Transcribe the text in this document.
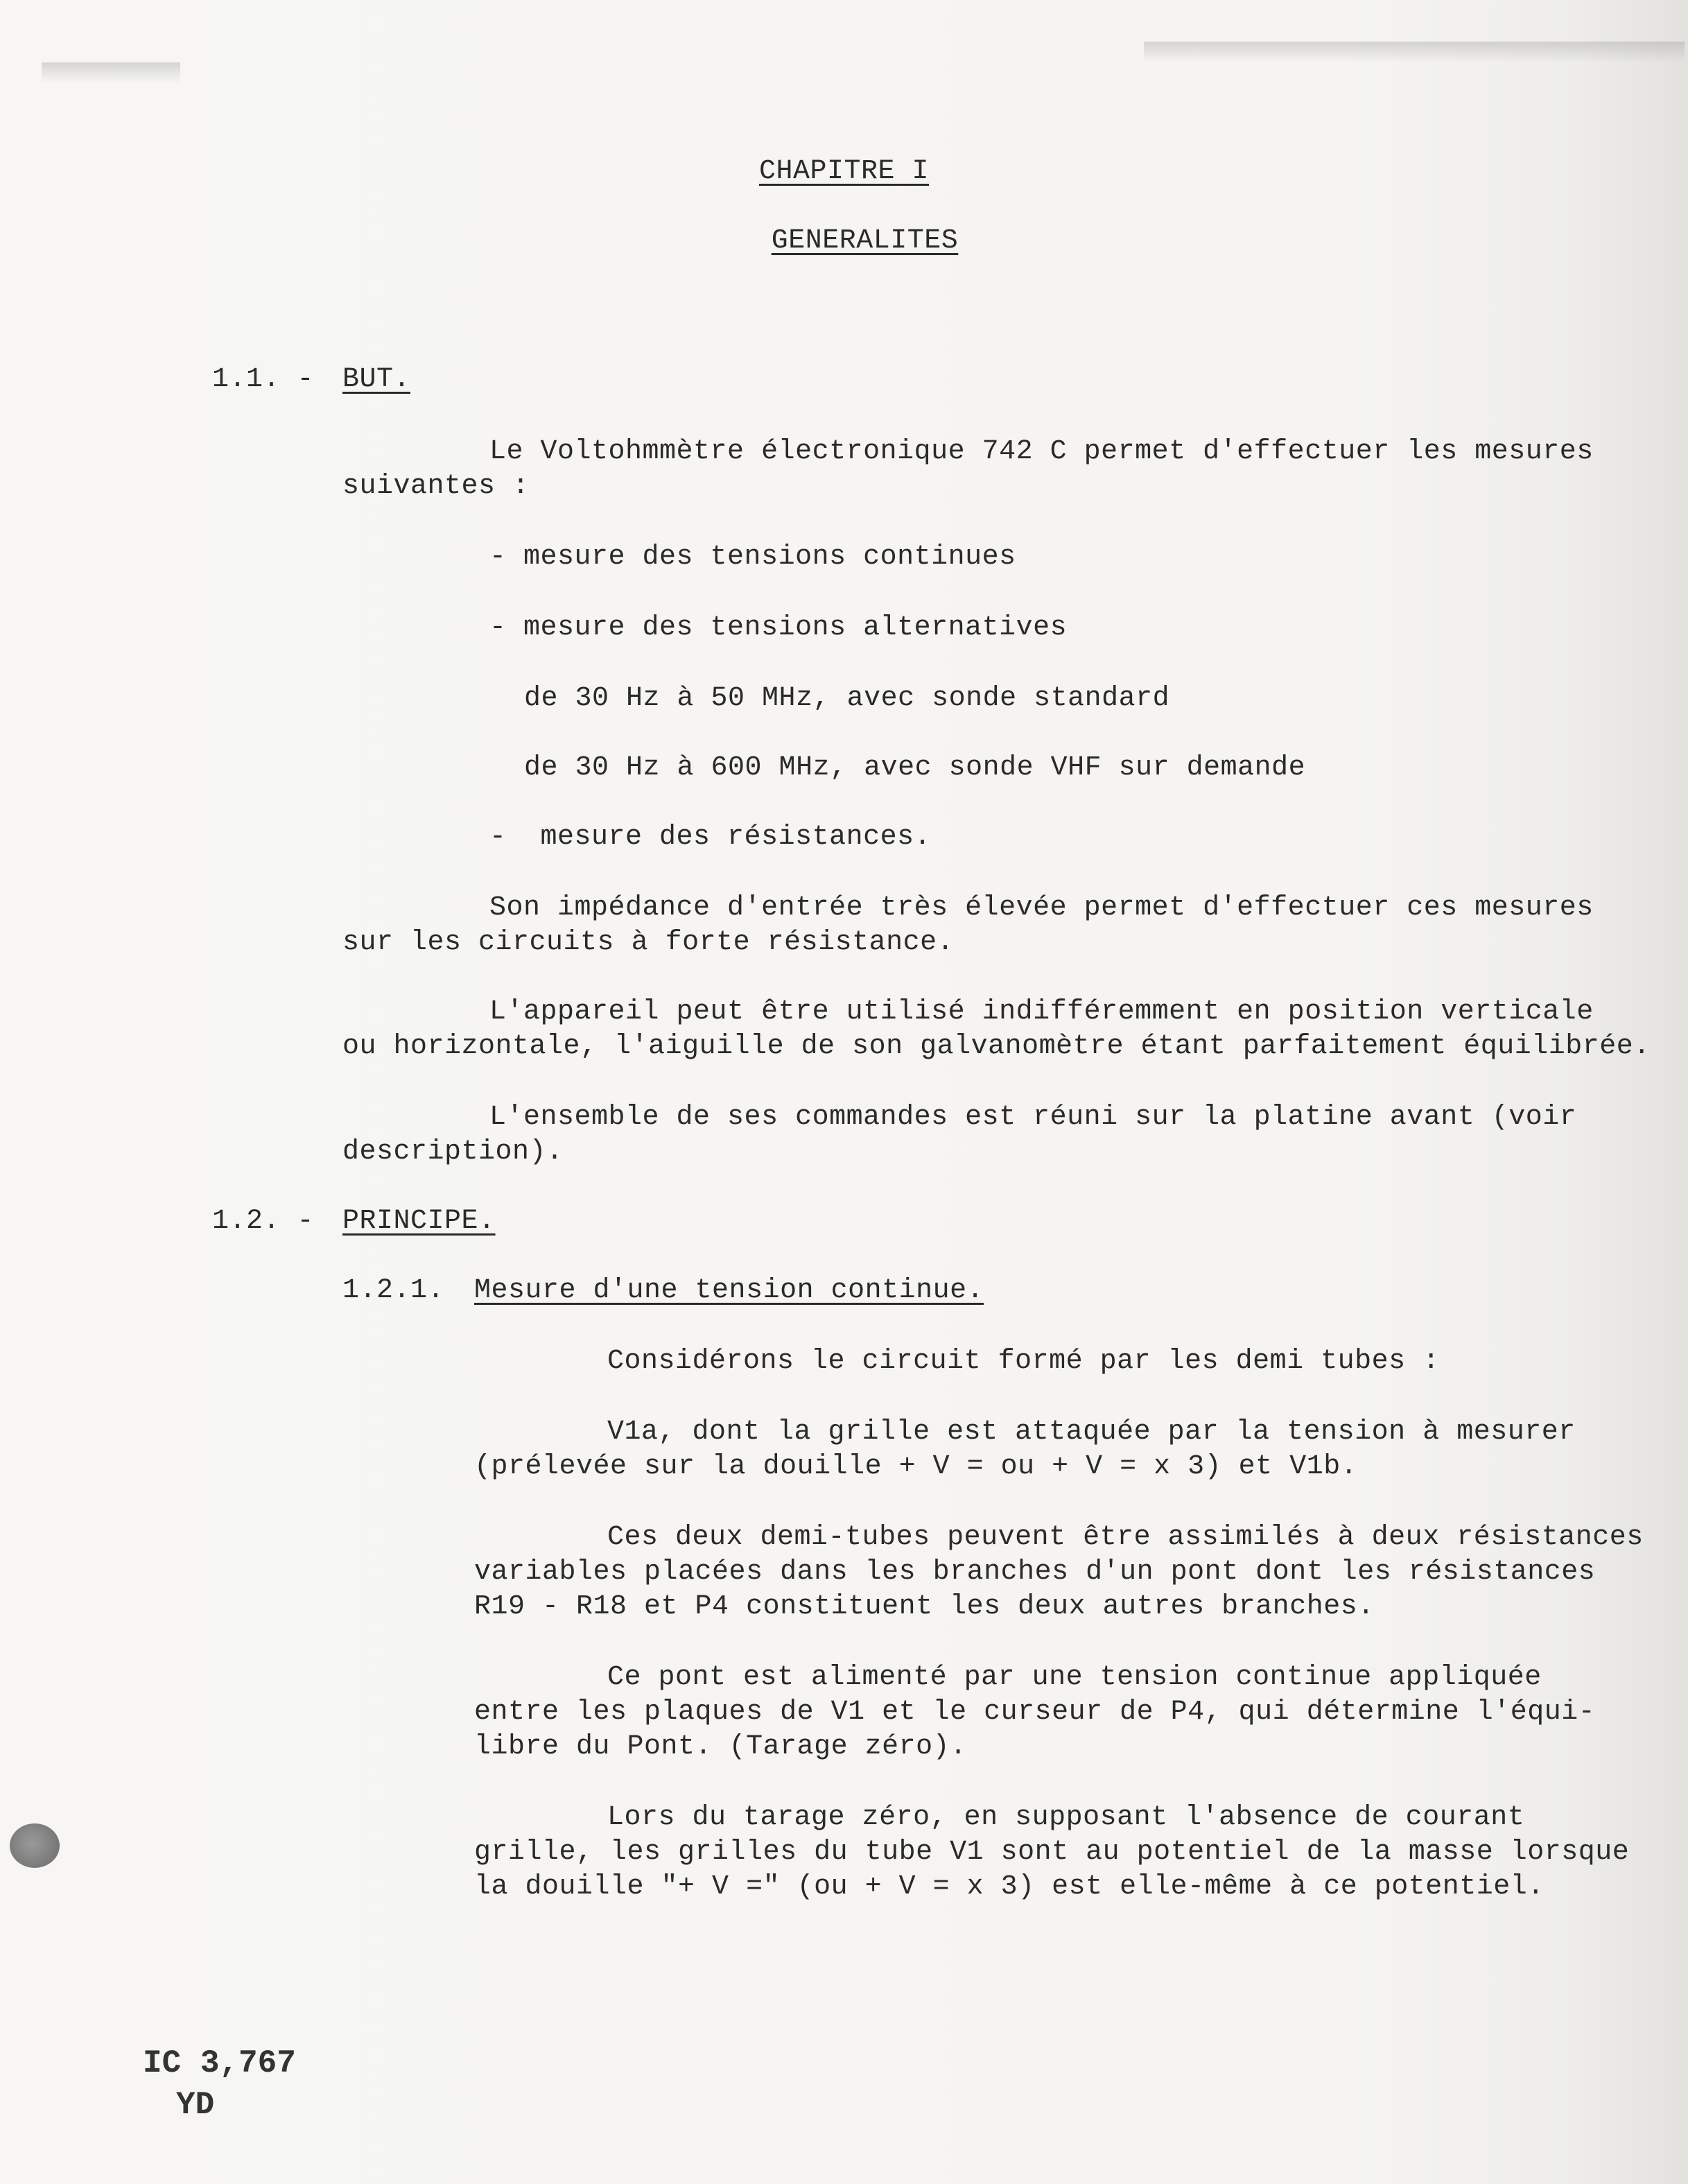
CHAPITRE I
GENERALITES
1.1. - BUT.
Le Voltohmmètre électronique 742 C permet d'effectuer les mesures
suivantes :
- mesure des tensions continues
- mesure des tensions alternatives
de 30 Hz à 50 MHz, avec sonde standard
de 30 Hz à 600 MHz, avec sonde VHF sur demande
-  mesure des résistances.
Son impédance d'entrée très élevée permet d'effectuer ces mesures
sur les circuits à forte résistance.
L'appareil peut être utilisé indifféremment en position verticale
ou horizontale, l'aiguille de son galvanomètre étant parfaitement équilibrée.
L'ensemble de ses commandes est réuni sur la platine avant (voir
description).
1.2. - PRINCIPE.
1.2.1. Mesure d'une tension continue.
Considérons le circuit formé par les demi tubes :
V1a, dont la grille est attaquée par la tension à mesurer
(prélevée sur la douille + V = ou + V = x 3) et V1b.
Ces deux demi-tubes peuvent être assimilés à deux résistances
variables placées dans les branches d'un pont dont les résistances
R19 - R18 et P4 constituent les deux autres branches.
Ce pont est alimenté par une tension continue appliquée
entre les plaques de V1 et le curseur de P4, qui détermine l'équi-
libre du Pont. (Tarage zéro).
Lors du tarage zéro, en supposant l'absence de courant
grille, les grilles du tube V1 sont au potentiel de la masse lorsque
la douille "+ V =" (ou + V = x 3) est elle-même à ce potentiel.
IC 3,767
YD
